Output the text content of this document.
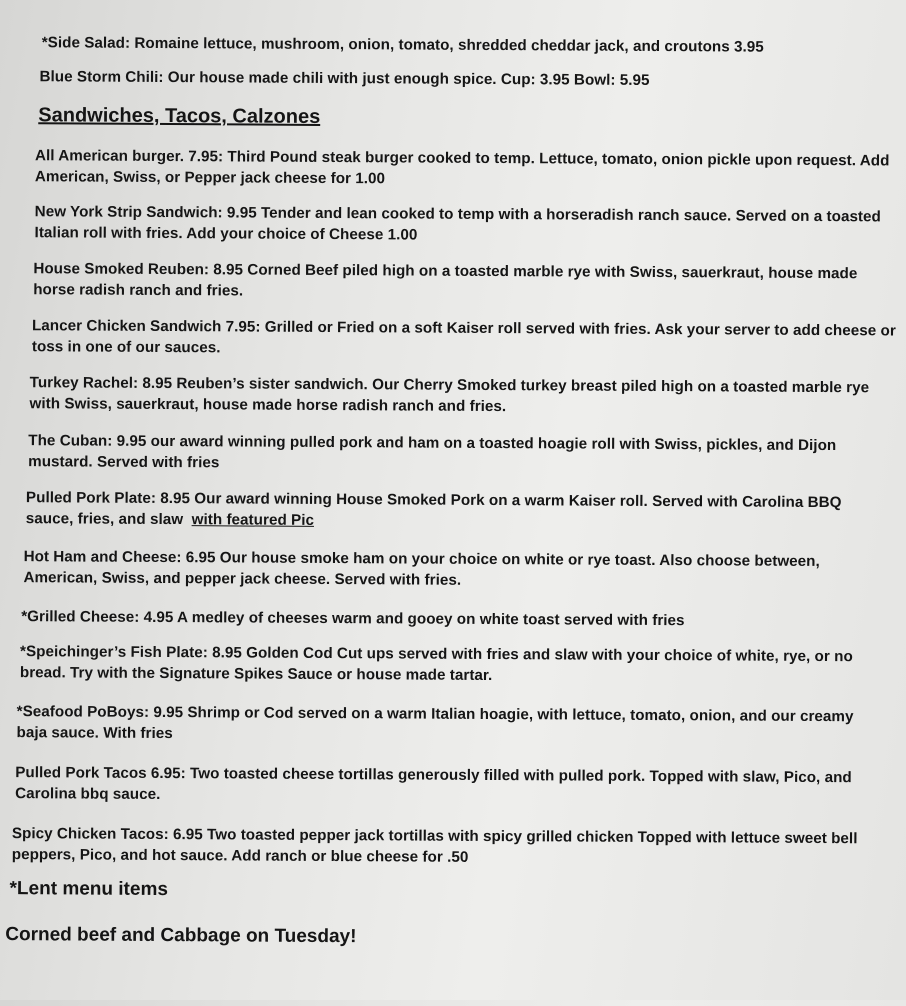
*Side Salad: Romaine lettuce, mushroom, onion, tomato, shredded cheddar jack, and croutons 3.95
Blue Storm Chili: Our house made chili with just enough spice. Cup: 3.95 Bowl: 5.95
Sandwiches, Tacos, Calzones
All American burger. 7.95: Third Pound steak burger cooked to temp. Lettuce, tomato, onion pickle upon request. Add
American, Swiss, or Pepper jack cheese for 1.00
New York Strip Sandwich: 9.95 Tender and lean cooked to temp with a horseradish ranch sauce. Served on a toasted
Italian roll with fries. Add your choice of Cheese 1.00
House Smoked Reuben: 8.95 Corned Beef piled high on a toasted marble rye with Swiss, sauerkraut, house made
horse radish ranch and fries.
Lancer Chicken Sandwich 7.95: Grilled or Fried on a soft Kaiser roll served with fries. Ask your server to add cheese or
toss in one of our sauces.
Turkey Rachel: 8.95 Reuben’s sister sandwich. Our Cherry Smoked turkey breast piled high on a toasted marble rye
with Swiss, sauerkraut, house made horse radish ranch and fries.
The Cuban: 9.95 our award winning pulled pork and ham on a toasted hoagie roll with Swiss, pickles, and Dijon
mustard. Served with fries
Pulled Pork Plate: 8.95 Our award winning House Smoked Pork on a warm Kaiser roll. Served with Carolina BBQ
sauce, fries, and slaw  with featured Pic
Hot Ham and Cheese: 6.95 Our house smoke ham on your choice on white or rye toast. Also choose between,
American, Swiss, and pepper jack cheese. Served with fries.
*Grilled Cheese: 4.95 A medley of cheeses warm and gooey on white toast served with fries
*Speichinger’s Fish Plate: 8.95 Golden Cod Cut ups served with fries and slaw with your choice of white, rye, or no
bread. Try with the Signature Spikes Sauce or house made tartar.
*Seafood PoBoys: 9.95 Shrimp or Cod served on a warm Italian hoagie, with lettuce, tomato, onion, and our creamy
baja sauce. With fries
Pulled Pork Tacos 6.95: Two toasted cheese tortillas generously filled with pulled pork. Topped with slaw, Pico, and
Carolina bbq sauce.
Spicy Chicken Tacos: 6.95 Two toasted pepper jack tortillas with spicy grilled chicken Topped with lettuce sweet bell
peppers, Pico, and hot sauce. Add ranch or blue cheese for .50
*Lent menu items
Corned beef and Cabbage on Tuesday!
